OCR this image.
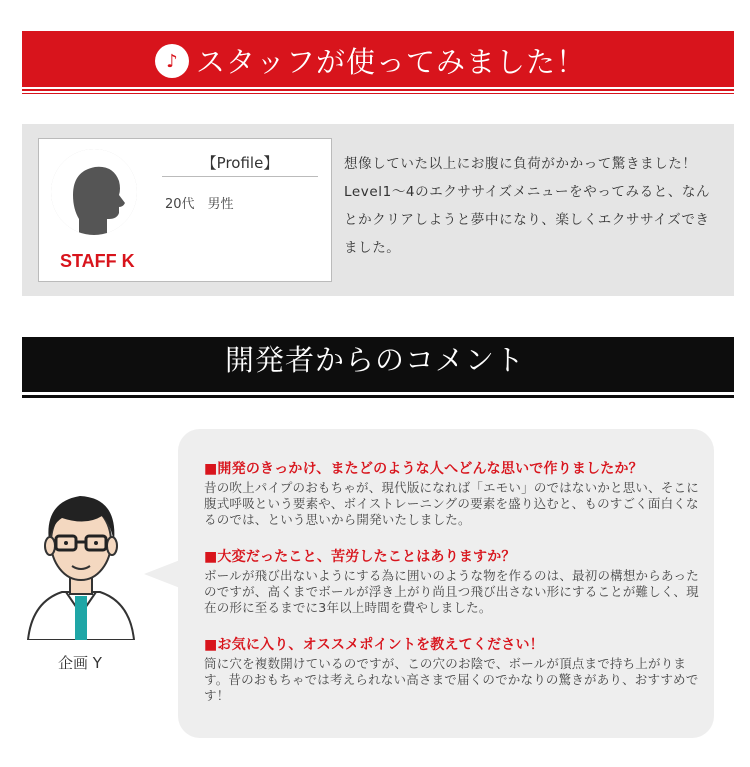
♪ スタッフが使ってみました！
STAFF K
【Profile】
20代　男性
想像していた以上にお腹に負荷がかかって驚きました！Level1～4のエクササイズメニューをやってみると、なんとかクリアしようと夢中になり、楽しくエクササイズできました。
開発者からのコメント
企画 Y
■開発のきっかけ、またどのような人へどんな思いで作りましたか？
昔の吹上パイプのおもちゃが、現代版になれば「エモい」のではないかと思い、そこに腹式呼吸という要素や、ボイストレーニングの要素を盛り込むと、ものすごく面白くなるのでは、という思いから開発いたしました。
■大変だったこと、苦労したことはありますか？
ボールが飛び出ないようにする為に囲いのような物を作るのは、最初の構想からあったのですが、高くまでボールが浮き上がり尚且つ飛び出さない形にすることが難しく、現在の形に至るまでに3年以上時間を費やしました。
■お気に入り、オススメポイントを教えてください！
筒に穴を複数開けているのですが、この穴のお陰で、ボールが頂点まで持ち上がります。昔のおもちゃでは考えられない高さまで届くのでかなりの驚きがあり、おすすめです！
